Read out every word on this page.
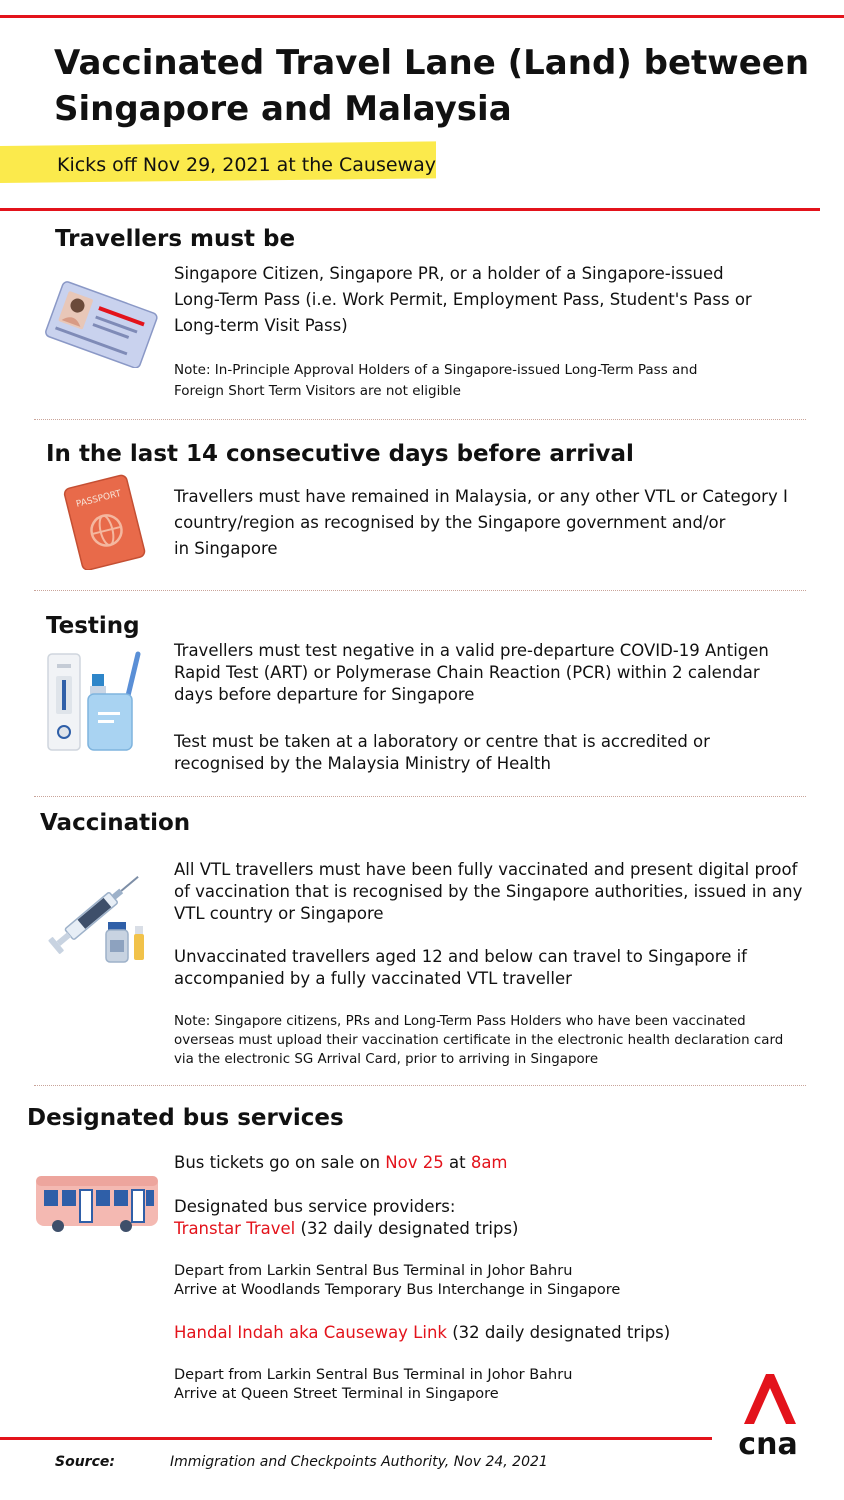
Vaccinated Travel Lane (Land) between
Singapore and Malaysia
Kicks off Nov 29, 2021 at the Causeway
Travellers must be

Singapore Citizen, Singapore PR, or a holder of a Singapore-issued
Long-Term Pass (i.e. Work Permit, Employment Pass, Student's Pass or
Long-term Visit Pass)

Note: In-Principle Approval Holders of a Singapore-issued Long-Term Pass and
Foreign Short Term Visitors are not eligible

In the last 14 consecutive days before arrival
PASSPORT	Travellers must have remained in Malaysia, or any other VTL or Category I
country/region as recognised by the Singapore government and/or
in Singapore

Testing

Travellers must test negative in a valid pre-departure COVID-19 Antigen
Rapid Test (ART) or Polymerase Chain Reaction (PCR) within 2 calendar
days before departure for Singapore

Test must be taken at a laboratory or centre that is accredited or
recognised by the Malaysia Ministry of Health

Vaccination

All VTL travellers must have been fully vaccinated and present digital proof
of vaccination that is recognised by the Singapore authorities, issued in any
VTL country or Singapore

Unvaccinated travellers aged 12 and below can travel to Singapore if
accompanied by a fully vaccinated VTL traveller

Note: Singapore citizens, PRs and Long-Term Pass Holders who have been vaccinated
overseas must upload their vaccination certificate in the electronic health declaration card
via the electronic SG Arrival Card, prior to arriving in Singapore

Designated bus services

Bus tickets go on sale on Nov 25 at 8am

Designated bus service providers:
Transtar Travel (32 daily designated trips)

Depart from Larkin Sentral Bus Terminal in Johor Bahru
Arrive at Woodlands Temporary Bus Interchange in Singapore

Handal Indah aka Causeway Link (32 daily designated trips)

Depart from Larkin Sentral Bus Terminal in Johor Bahru
Arrive at Queen Street Terminal in Singapore

cna
Source:	Immigration and Checkpoints Authority, Nov 24, 2021
